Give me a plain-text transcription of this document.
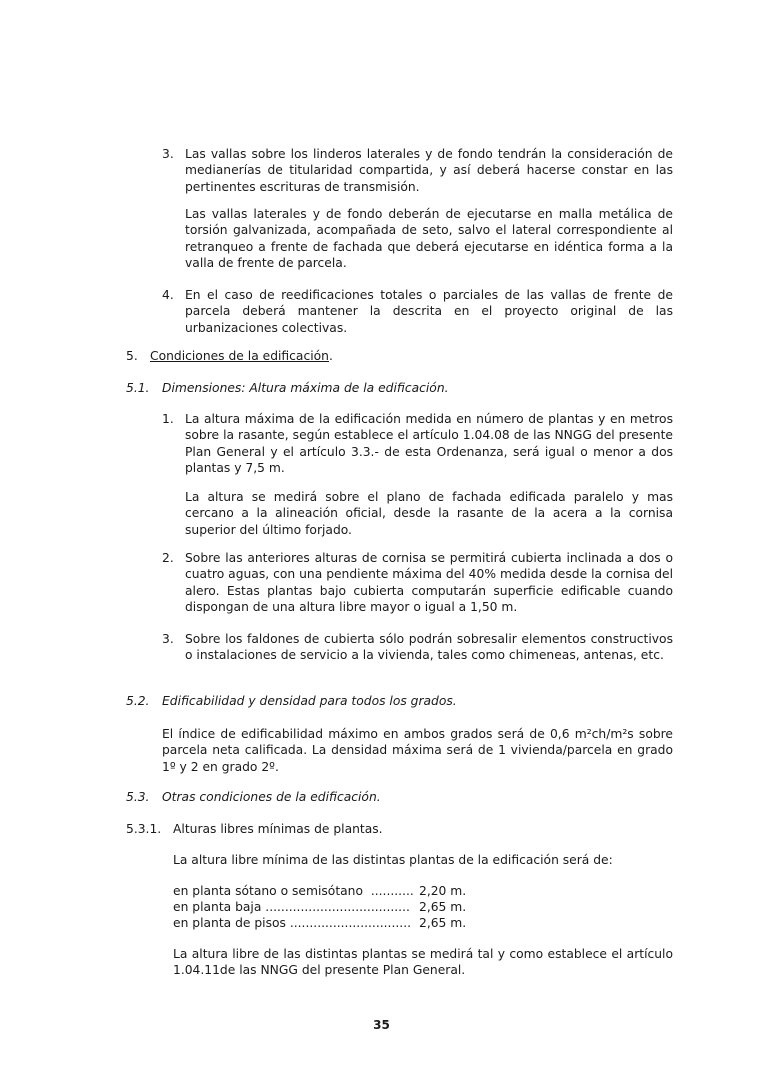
3. Las vallas sobre los linderos laterales y de fondo tendrán la consideración de medianerías de titularidad compartida, y así deberá hacerse constar en las pertinentes escrituras de transmisión.
Las vallas laterales y de fondo deberán de ejecutarse en malla metálica de torsión galvanizada, acompañada de seto, salvo el lateral correspondiente al retranqueo a frente de fachada que deberá ejecutarse en idéntica forma a la valla de frente de parcela.
4. En el caso de reedificaciones totales o parciales de las vallas de frente de parcela deberá mantener la descrita en el proyecto original de las urbanizaciones colectivas.
5. Condiciones de la edificación.
5.1. Dimensiones: Altura máxima de la edificación.
1. La altura máxima de la edificación medida en número de plantas y en metros sobre la rasante, según establece el artículo 1.04.08 de las NNGG del presente Plan General y el artículo 3.3.- de esta Ordenanza, será igual o menor a dos plantas y 7,5 m.
La altura se medirá sobre el plano de fachada edificada paralelo y mas cercano a la alineación oficial, desde la rasante de la acera a la cornisa superior del último forjado.
2. Sobre las anteriores alturas de cornisa se permitirá cubierta inclinada a dos o cuatro aguas, con una pendiente máxima del 40% medida desde la cornisa del alero. Estas plantas bajo cubierta computarán superficie edificable cuando dispongan de una altura libre mayor o igual a 1,50 m.
3. Sobre los faldones de cubierta sólo podrán sobresalir elementos constructivos o instalaciones de servicio a la vivienda, tales como chimeneas, antenas, etc.
5.2. Edificabilidad y densidad para todos los grados.
El índice de edificabilidad máximo en ambos grados será de 0,6 m²ch/m²s sobre parcela neta calificada. La densidad máxima será de 1 vivienda/parcela en grado 1º y 2 en grado 2º.
5.3. Otras condiciones de la edificación.
5.3.1. Alturas libres mínimas de plantas.
La altura libre mínima de las distintas plantas de la edificación será de:
en planta sótano o semisótano  ........... 2,20 m.
en planta baja ..................................... 2,65 m.
en planta de pisos ............................... 2,65 m.
La altura libre de las distintas plantas se medirá tal y como establece el artículo 1.04.11de las NNGG del presente Plan General.
35
